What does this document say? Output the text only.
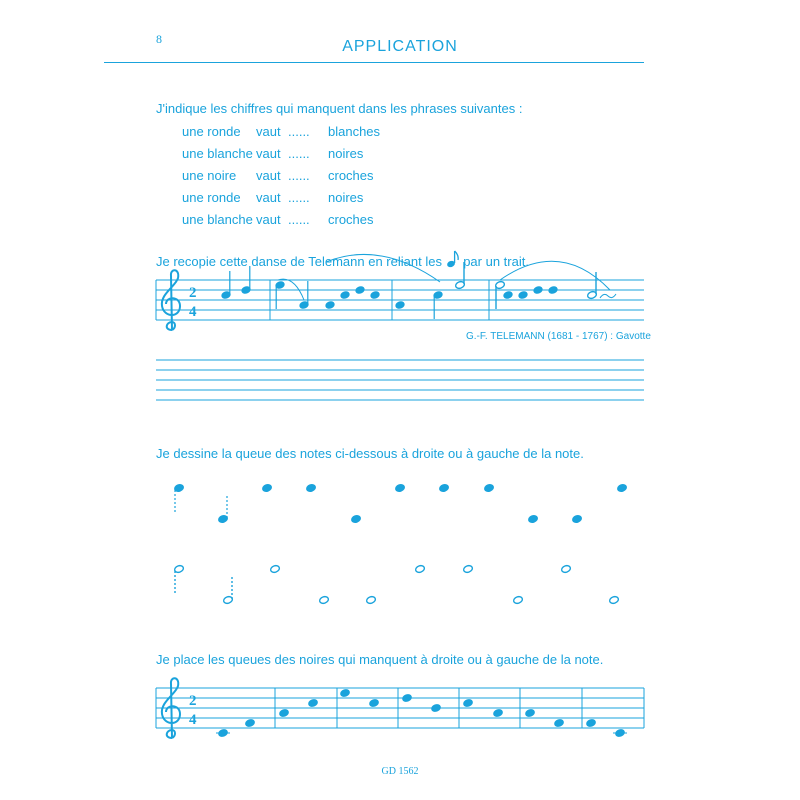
8	APPLICATION
J'indique les chiffres qui manquent dans les phrases suivantes :
une ronde vaut ...... blanches
une blanche vaut ...... noires
une noire vaut ...... croches
une ronde vaut ...... noires
une blanche vaut ...... croches
Je recopie cette danse de Telemann en reliant les par un trait.
G.-F. TELEMANN (1681 - 1767) : Gavotte
Je dessine la queue des notes ci-dessous à droite ou à gauche de la note.
Je place les queues des noires qui manquent à droite ou à gauche de la note.
GD 1562
2
4
2
4
